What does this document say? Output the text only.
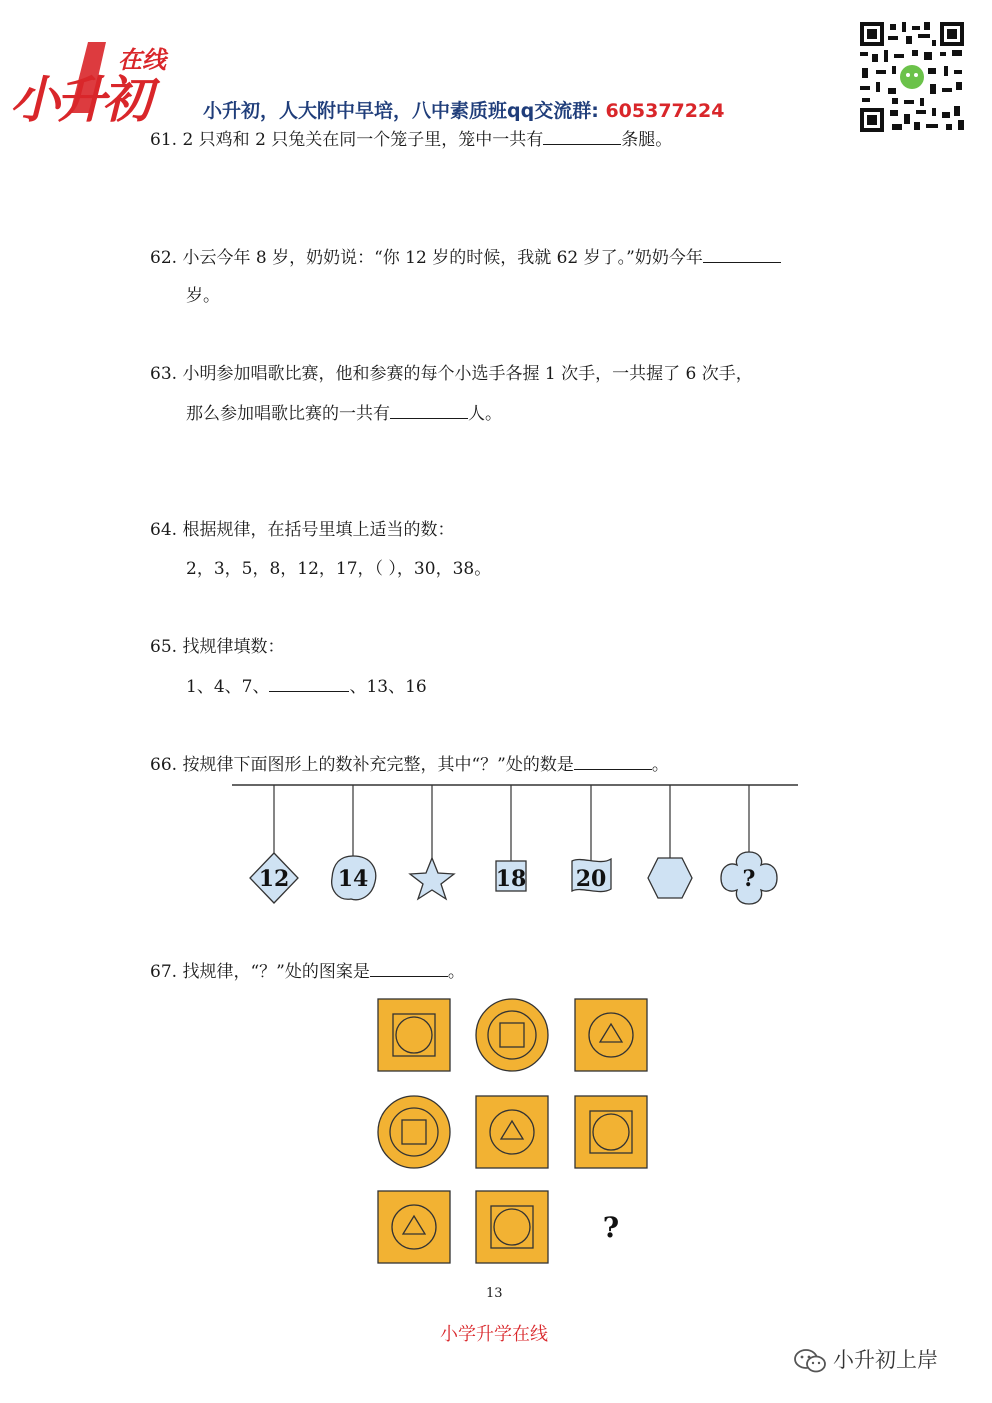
小升初
在线
小升初，人大附中早培，八中素质班qq交流群: 605377224
61. 2 只鸡和 2 只兔关在同一个笼子里，笼中一共有	条腿。
62. 小云今年 8 岁，奶奶说：“你 12 岁的时候，我就 62 岁了。”奶奶今年
岁。
63. 小明参加唱歌比赛，他和参赛的每个小选手各握 1 次手，一共握了 6 次手，
那么参加唱歌比赛的一共有	人。
64. 根据规律，在括号里填上适当的数：
2，3，5，8，12，17，（ ），30，38。
65. 找规律填数：
1、4、7、	、13、16
66. 按规律下面图形上的数补充完整，其中“？”处的数是	。
12 14	18 20	?
67. 找规律，“？”处的图案是	。
?
13
小学升学在线
小升初上岸
